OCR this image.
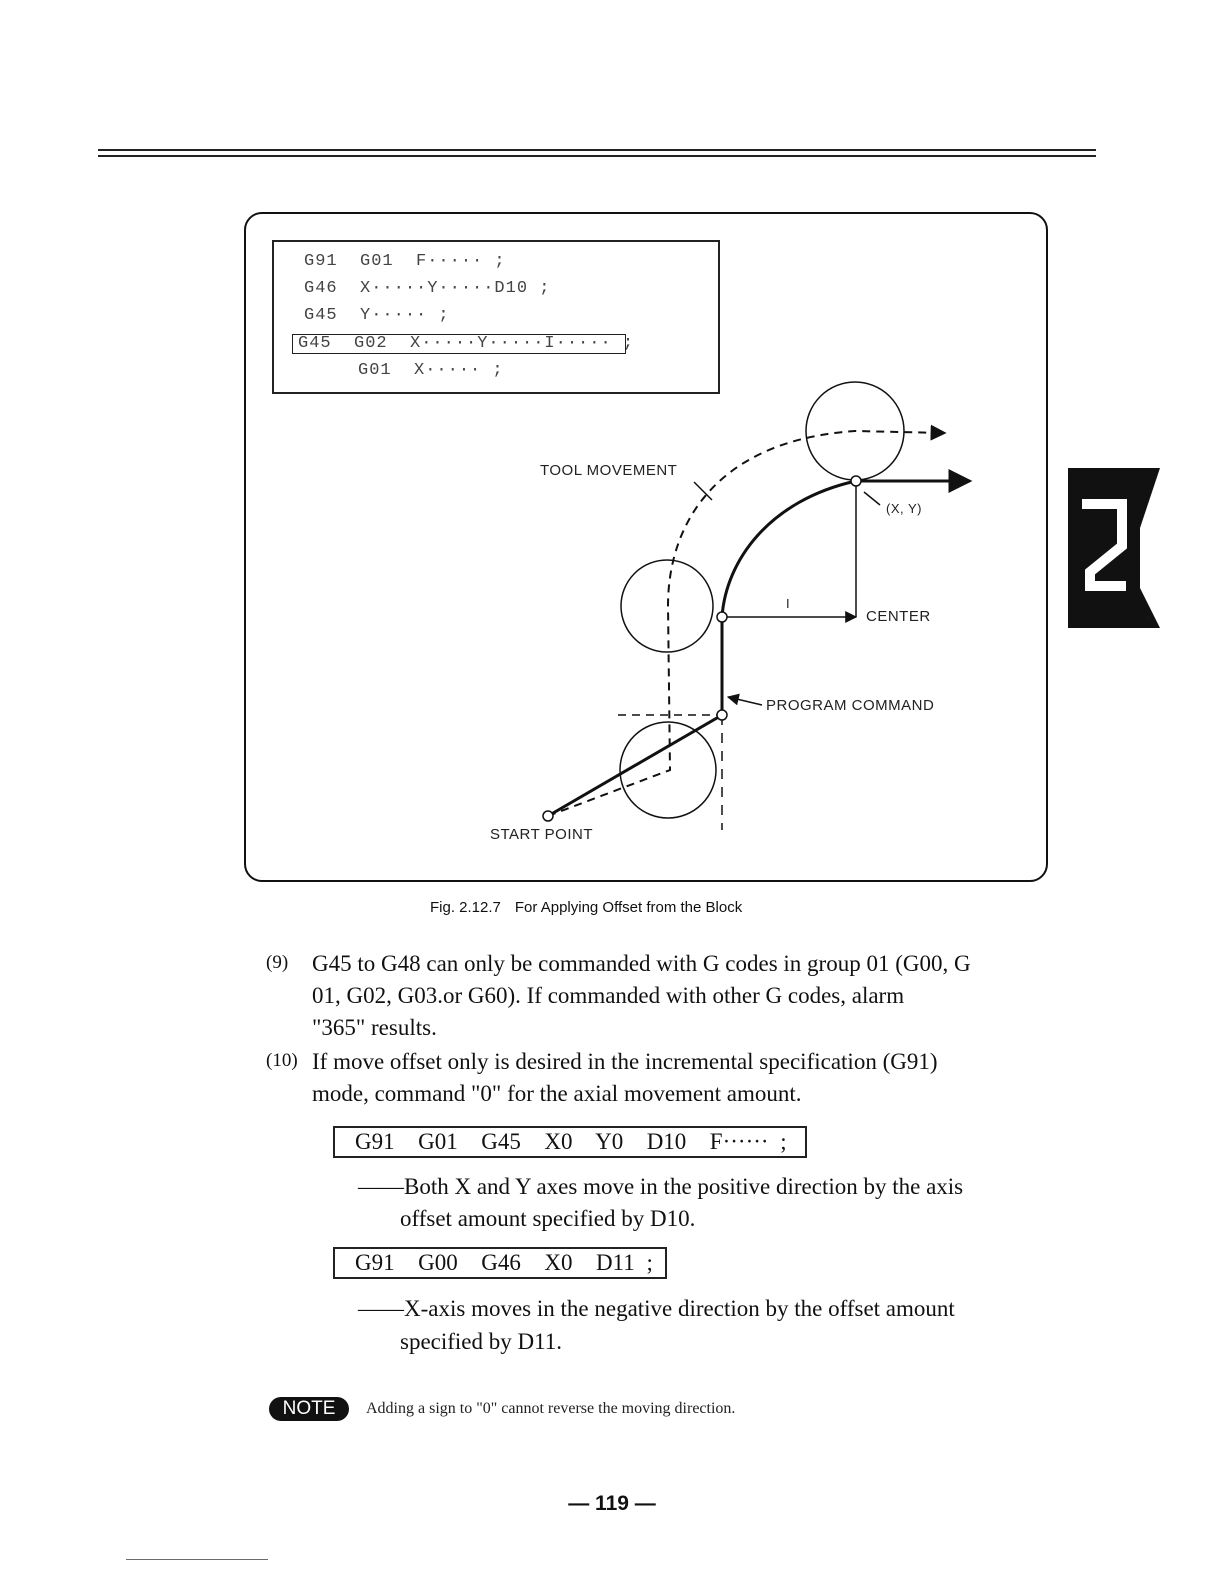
2
G91  G01  F····· ;
G46  X·····Y·····D10 ;
G45  Y····· ;
G45  G02  X·····Y·····I····· ;
G01  X····· ;
TOOL MOVEMENT
(X, Y)
I
CENTER
PROGRAM COMMAND
START POINT
Fig. 2.12.7 For Applying Offset from the Block
(9) G45 to G48 can only be commanded with G codes in group 01 (G00, G
01, G02, G03.or G60). If commanded with other G codes, alarm
"365" results.
(10) If move offset only is desired in the incremental specification (G91)
mode, command "0" for the axial movement amount.
G91  G01  G45  X0  Y0  D10  F······ ;
——Both X and Y axes move in the positive direction by the axis
offset amount specified by D10.
G91  G00  G46  X0  D11 ;
——X-axis moves in the negative direction by the offset amount
specified by D11.
NOTE	Adding a sign to "0" cannot reverse the moving direction.
— 119 —
